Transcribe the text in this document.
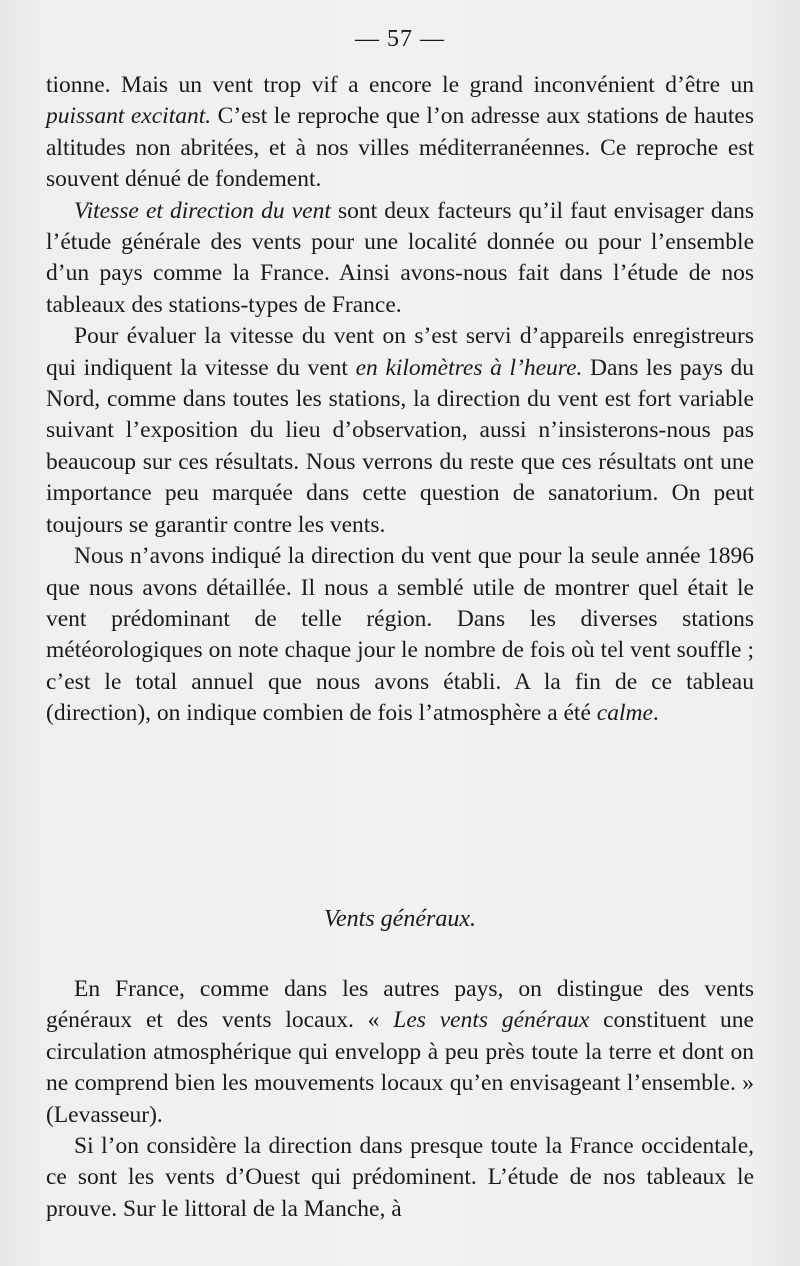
— 57 —

tionne. Mais un vent trop vif a encore le grand inconvénient d’être un puissant excitant. C’est le reproche que l’on adresse aux stations de hautes altitudes non abritées, et à nos villes méditerranéennes. Ce reproche est souvent dénué de fondement.

Vitesse et direction du vent sont deux facteurs qu’il faut envisager dans l’étude générale des vents pour une localité donnée ou pour l’ensemble d’un pays comme la France. Ainsi avons-nous fait dans l’étude de nos tableaux des stations-types de France.

Pour évaluer la vitesse du vent on s’est servi d’appareils enregistreurs qui indiquent la vitesse du vent en kilomètres à l’heure. Dans les pays du Nord, comme dans toutes les stations, la direction du vent est fort variable suivant l’exposition du lieu d’observation, aussi n’insisterons-nous pas beaucoup sur ces résultats. Nous verrons du reste que ces résultats ont une importance peu marquée dans cette question de sanatorium. On peut toujours se garantir contre les vents.

Nous n’avons indiqué la direction du vent que pour la seule année 1896 que nous avons détaillée. Il nous a semblé utile de montrer quel était le vent prédominant de telle région. Dans les diverses stations météorologiques on note chaque jour le nombre de fois où tel vent souffle ; c’est le total annuel que nous avons établi. A la fin de ce tableau (direction), on indique combien de fois l’atmosphère a été calme.

Vents généraux.

En France, comme dans les autres pays, on distingue des vents généraux et des vents locaux. « Les vents généraux constituent une circulation atmosphérique qui envelopp à peu près toute la terre et dont on ne comprend bien les mouvements locaux qu’en envisageant l’ensemble. » (Levasseur).

Si l’on considère la direction dans presque toute la France occidentale, ce sont les vents d’Ouest qui prédominent. L’étude de nos tableaux le prouve. Sur le littoral de la Manche, à
